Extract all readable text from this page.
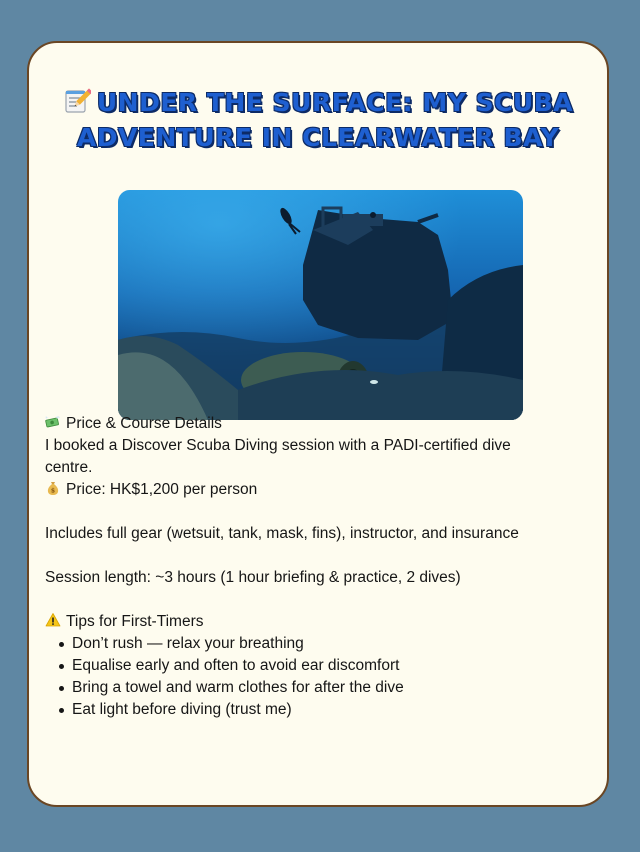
UNDER THE SURFACE: MY SCUBA ADVENTURE IN CLEARWATER BAY

Price & Course Details

I booked a Discover Scuba Diving session with a PADI-certified dive centre.

$ Price: HK$1,200 per person

Includes full gear (wetsuit, tank, mask, fins), instructor, and insurance

Session length: ~3 hours (1 hour briefing & practice, 2 dives)

Tips for First-Timers

Don’t rush — relax your breathing
Equalise early and often to avoid ear discomfort
Bring a towel and warm clothes for after the dive
Eat light before diving (trust me)
